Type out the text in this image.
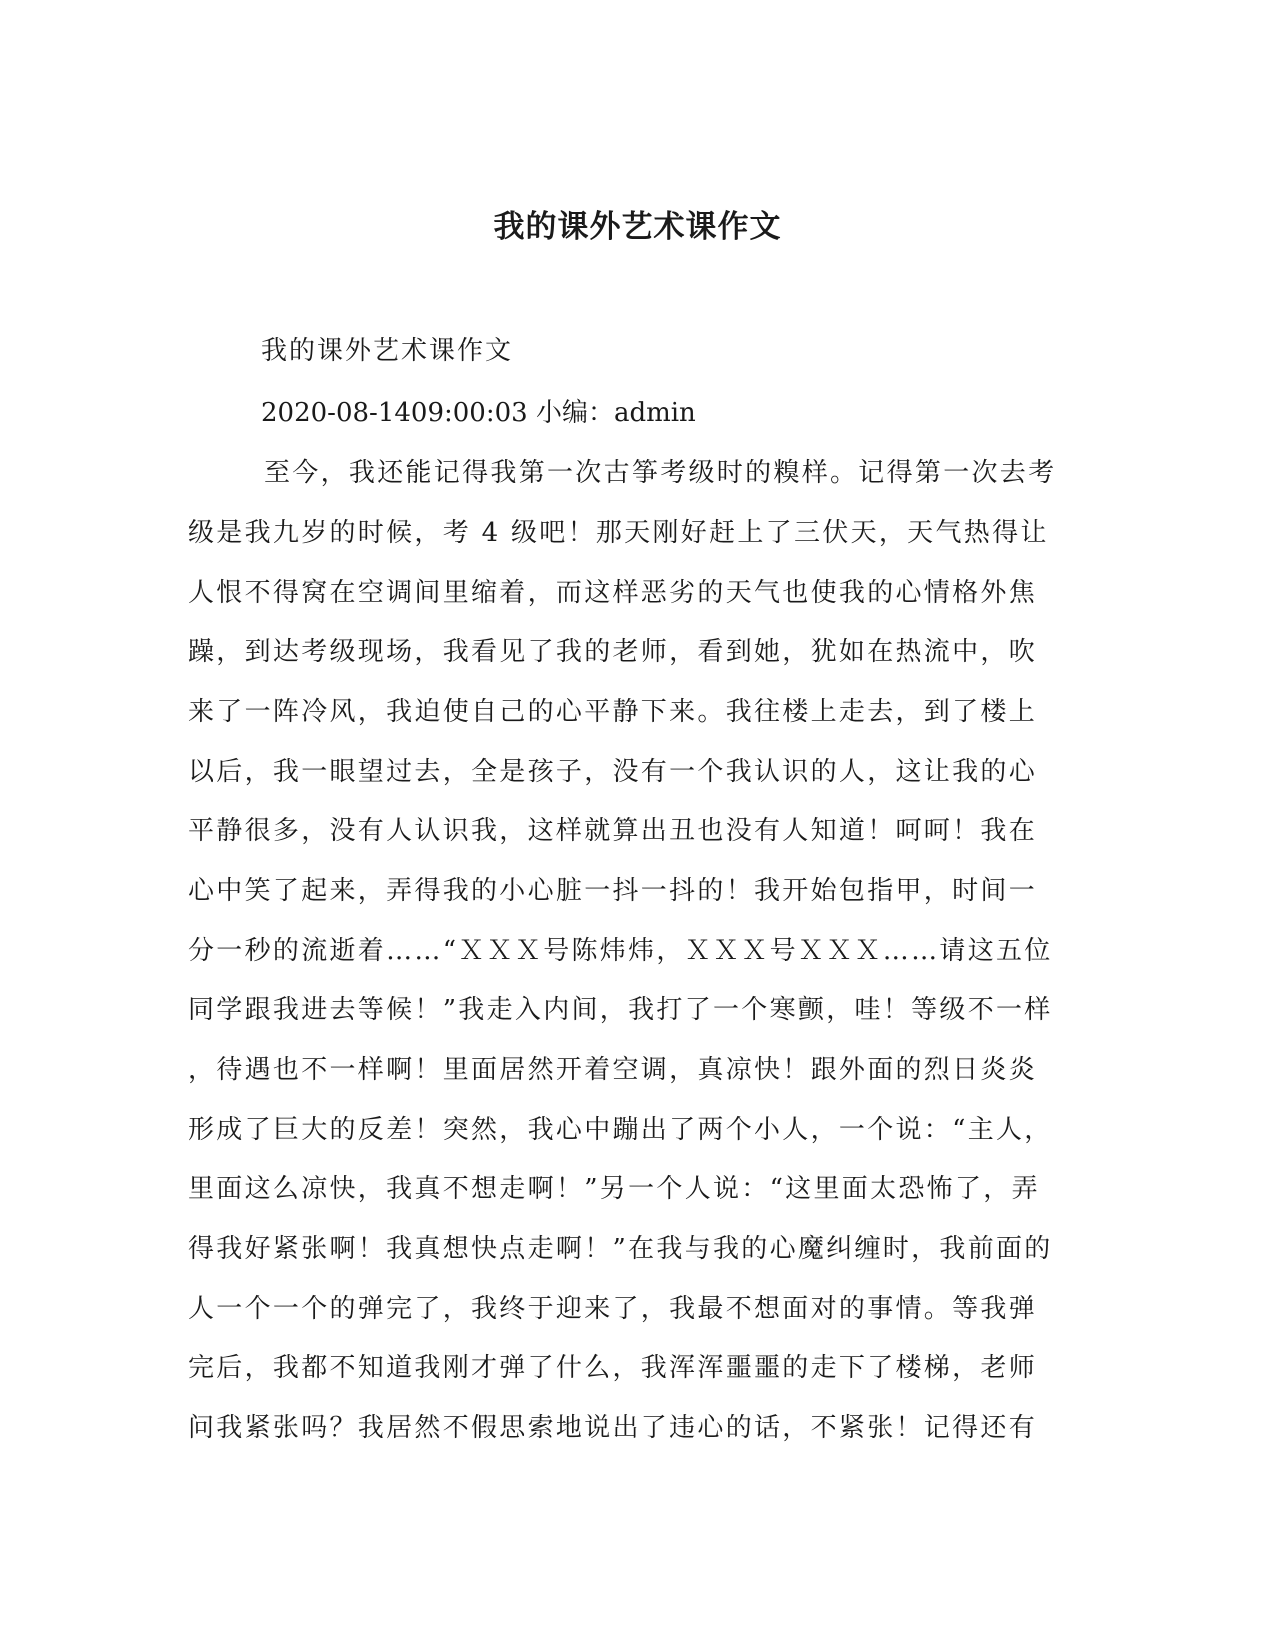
我的课外艺术课作文
我的课外艺术课作文
2020-08-1409:00:03 小编：admin
至今，我还能记得我第一次古筝考级时的糗样。记得第一次去考
级是我九岁的时候，考 4 级吧！那天刚好赶上了三伏天，天气热得让
人恨不得窝在空调间里缩着，而这样恶劣的天气也使我的心情格外焦
躁，到达考级现场，我看见了我的老师，看到她，犹如在热流中，吹
来了一阵冷风，我迫使自己的心平静下来。我往楼上走去，到了楼上
以后，我一眼望过去，全是孩子，没有一个我认识的人，这让我的心
平静很多，没有人认识我，这样就算出丑也没有人知道！呵呵！我在
心中笑了起来，弄得我的小心脏一抖一抖的！我开始包指甲，时间一
分一秒的流逝着……“ＸＸＸ号陈炜炜，ＸＸＸ号ＸＸＸ……请这五位
同学跟我进去等候！”我走入内间，我打了一个寒颤，哇！等级不一样
，待遇也不一样啊！里面居然开着空调，真凉快！跟外面的烈日炎炎
形成了巨大的反差！突然，我心中蹦出了两个小人，一个说：“主人，
里面这么凉快，我真不想走啊！”另一个人说：“这里面太恐怖了，弄
得我好紧张啊！我真想快点走啊！”在我与我的心魔纠缠时，我前面的
人一个一个的弹完了，我终于迎来了，我最不想面对的事情。等我弹
完后，我都不知道我刚才弹了什么，我浑浑噩噩的走下了楼梯，老师
问我紧张吗？我居然不假思索地说出了违心的话，不紧张！记得还有
